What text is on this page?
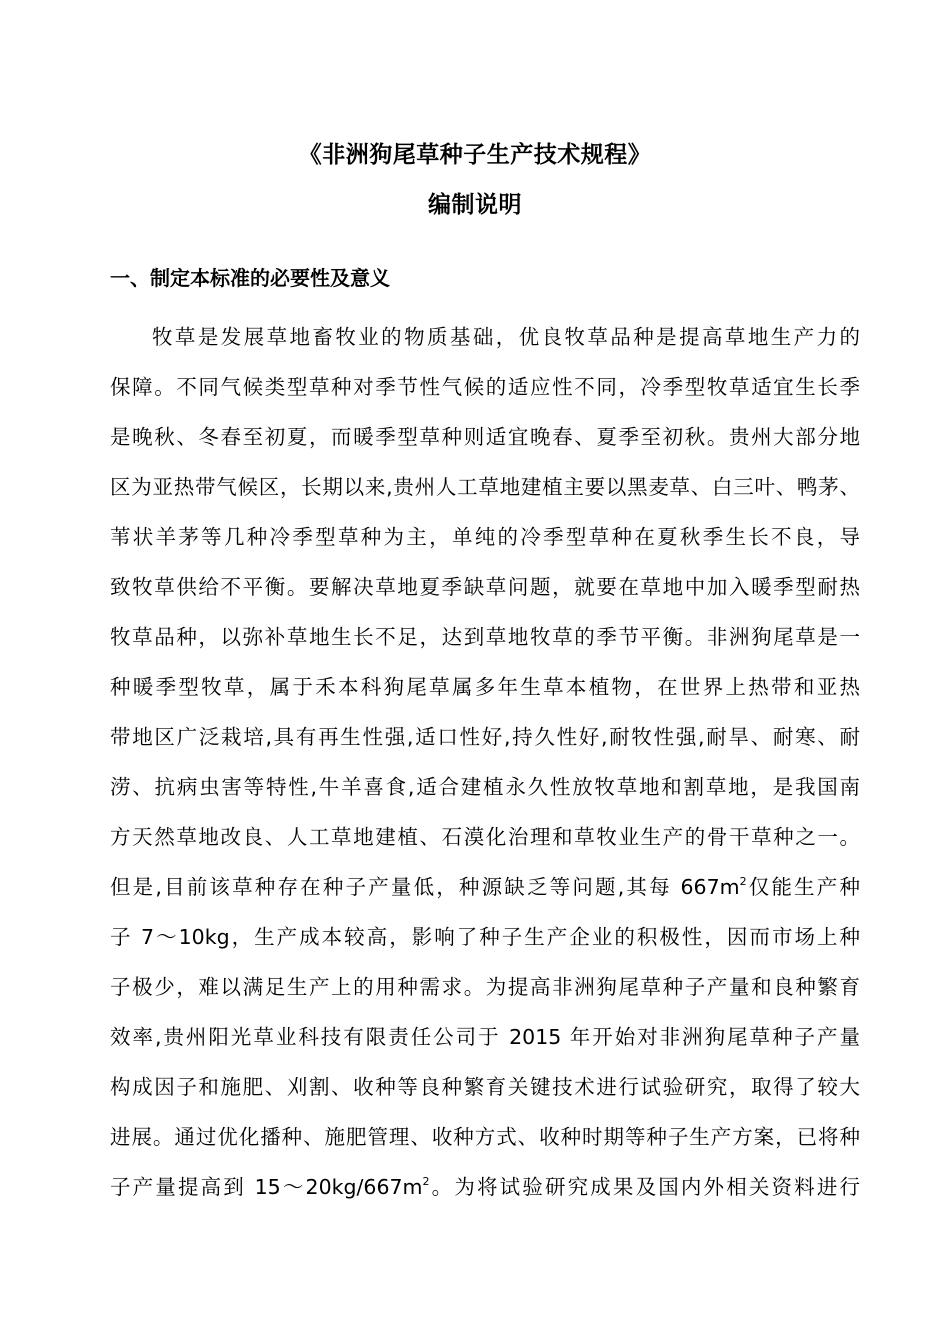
《非洲狗尾草种子生产技术规程》
编制说明
一、制定本标准的必要性及意义
牧草是发展草地畜牧业的物质基础，优良牧草品种是提高草地生产力的
保障。不同气候类型草种对季节性气候的适应性不同，冷季型牧草适宜生长季
是晚秋、冬春至初夏，而暖季型草种则适宜晚春、夏季至初秋。贵州大部分地
区为亚热带气候区，长期以来,贵州人工草地建植主要以黑麦草、白三叶、鸭茅、
苇状羊茅等几种冷季型草种为主，单纯的冷季型草种在夏秋季生长不良，导
致牧草供给不平衡。要解决草地夏季缺草问题，就要在草地中加入暖季型耐热
牧草品种，以弥补草地生长不足，达到草地牧草的季节平衡。非洲狗尾草是一
种暖季型牧草，属于禾本科狗尾草属多年生草本植物，在世界上热带和亚热
带地区广泛栽培,具有再生性强,适口性好,持久性好,耐牧性强,耐旱、耐寒、耐
涝、抗病虫害等特性,牛羊喜食,适合建植永久性放牧草地和割草地，是我国南
方天然草地改良、人工草地建植、石漠化治理和草牧业生产的骨干草种之一。
但是,目前该草种存在种子产量低，种源缺乏等问题,其每 $667m^2$仅能生产种
子 7～10kg，生产成本较高，影响了种子生产企业的积极性，因而市场上种
子极少，难以满足生产上的用种需求。为提高非洲狗尾草种子产量和良种繁育
效率,贵州阳光草业科技有限责任公司于 2015 年开始对非洲狗尾草种子产量
构成因子和施肥、刈割、收种等良种繁育关键技术进行试验研究，取得了较大
进展。通过优化播种、施肥管理、收种方式、收种时期等种子生产方案，已将种
子产量提高到 $15\sim 20kg/667m^2$。为将试验研究成果及国内外相关资料进行
